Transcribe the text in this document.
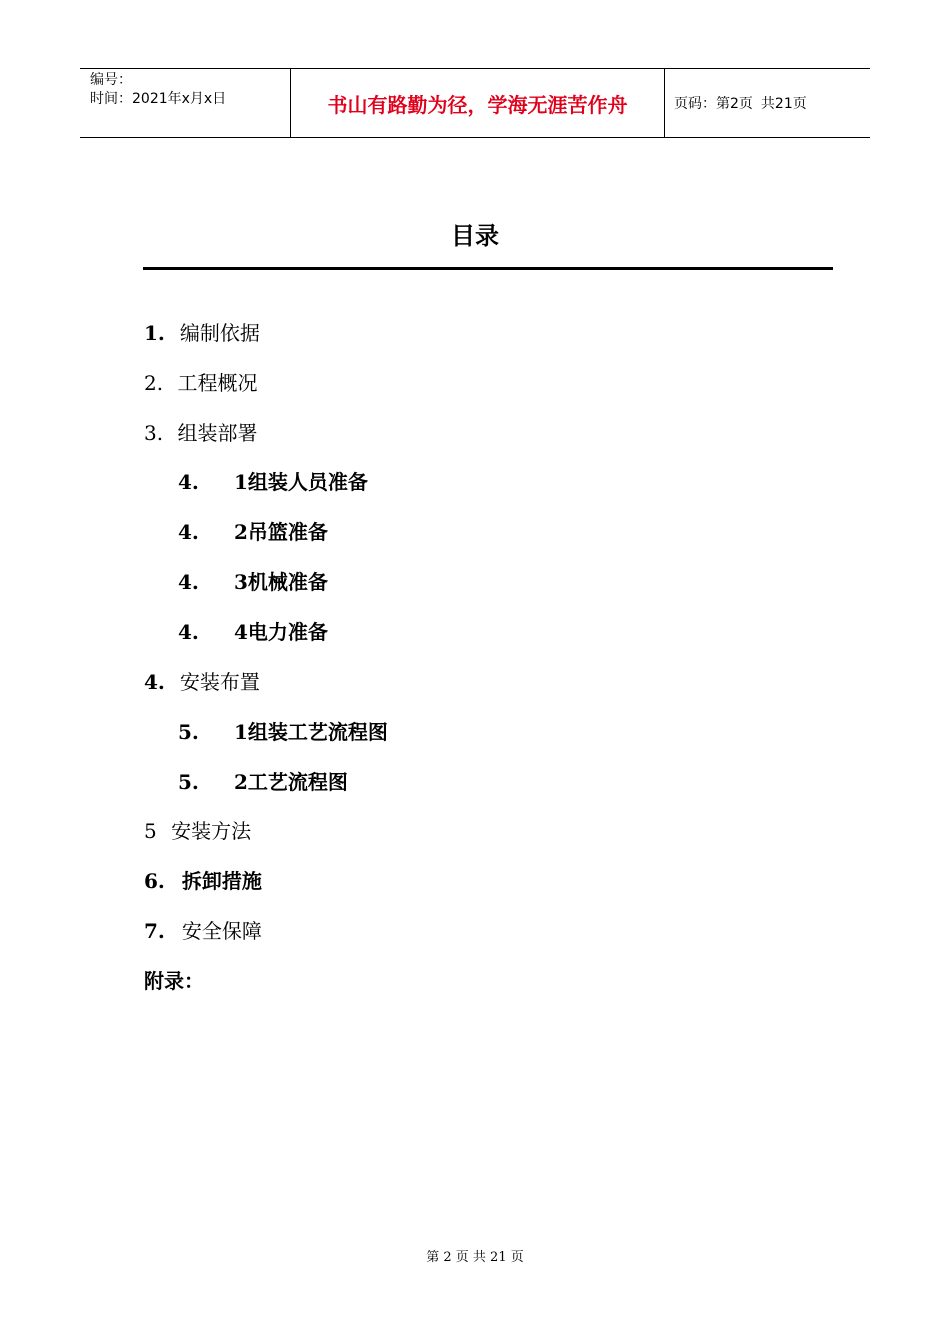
编号：
时间：2021年x月x日	书山有路勤为径，学海无涯苦作舟	页码：第2页 共21页
目录
1. 编制依据
2. 工程概况
3. 组装部署
4. 1组装人员准备
4. 2吊篮准备
4. 3机械准备
4. 4电力准备
4. 安装布置
5. 1组装工艺流程图
5. 2工艺流程图
5 安装方法
6. 拆卸措施
7. 安全保障
附录：
第 2 页 共 21 页
